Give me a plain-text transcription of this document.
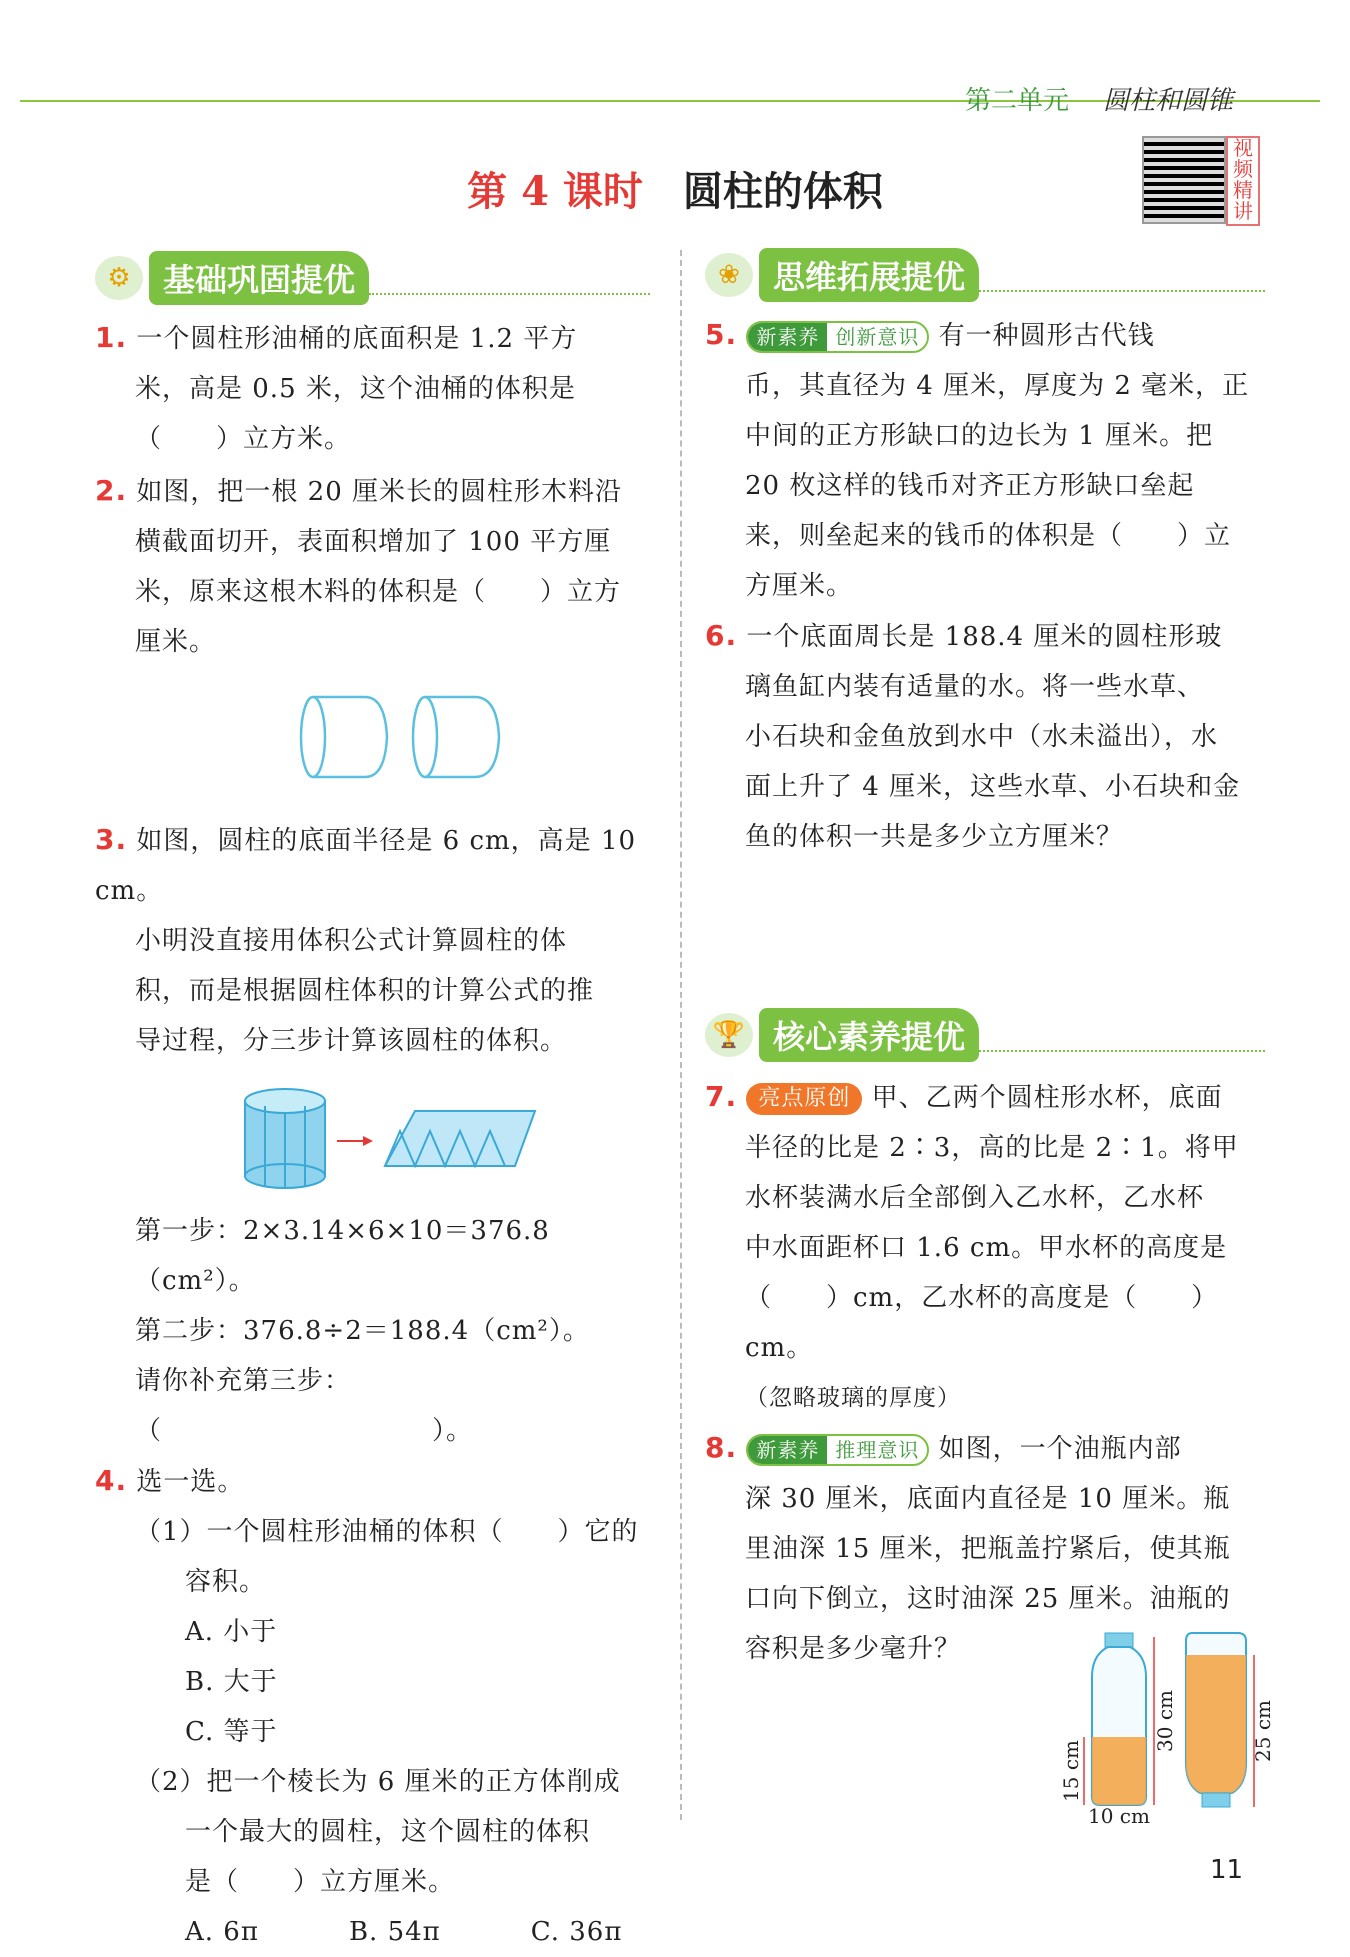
第二单元 圆柱和圆锥
第 4 课时 圆柱的体积
视频精讲
⚙	基础巩固提优
1. 一个圆柱形油桶的底面积是 1.2 平方
米，高是 0.5 米，这个油桶的体积是
（　　）立方米。
2. 如图，把一根 20 厘米长的圆柱形木料沿
横截面切开，表面积增加了 100 平方厘
米，原来这根木料的体积是（　　）立方
厘米。
3. 如图，圆柱的底面半径是 6 cm，高是 10 cm。
小明没直接用体积公式计算圆柱的体
积，而是根据圆柱体积的计算公式的推
导过程，分三步计算该圆柱的体积。
第一步：2×3.14×6×10＝376.8（cm²）。
第二步：376.8÷2＝188.4（cm²）。
请你补充第三步：（　　　　　　　　　　）。
4. 选一选。
（1）一个圆柱形油桶的体积（　　）它的
容积。
A. 小于
B. 大于
C. 等于
（2）把一个棱长为 6 厘米的正方体削成
一个最大的圆柱，这个圆柱的体积
是（　　）立方厘米。
A. 6π	B. 54π	C. 36π
❀	思维拓展提优
5. 新素养 创新意识 有一种圆形古代钱
币，其直径为 4 厘米，厚度为 2 毫米，正
中间的正方形缺口的边长为 1 厘米。把
20 枚这样的钱币对齐正方形缺口垒起
来，则垒起来的钱币的体积是（　　）立
方厘米。
6. 一个底面周长是 188.4 厘米的圆柱形玻
璃鱼缸内装有适量的水。将一些水草、
小石块和金鱼放到水中（水未溢出），水
面上升了 4 厘米，这些水草、小石块和金
鱼的体积一共是多少立方厘米？
🏆 核心素养提优
7. 亮点原创 甲、乙两个圆柱形水杯，底面
半径的比是 2∶3，高的比是 2∶1。将甲
水杯装满水后全部倒入乙水杯，乙水杯
中水面距杯口 1.6 cm。甲水杯的高度是
（　　）cm，乙水杯的高度是（　　）cm。
（忽略玻璃的厚度）
8. 新素养 推理意识 如图，一个油瓶内部
深 30 厘米，底面内直径是 10 厘米。瓶
里油深 15 厘米，把瓶盖拧紧后，使其瓶
口向下倒立，这时油深 25 厘米。油瓶的
容积是多少毫升？
30 cm
15 cm
10 cm
25 cm
11
